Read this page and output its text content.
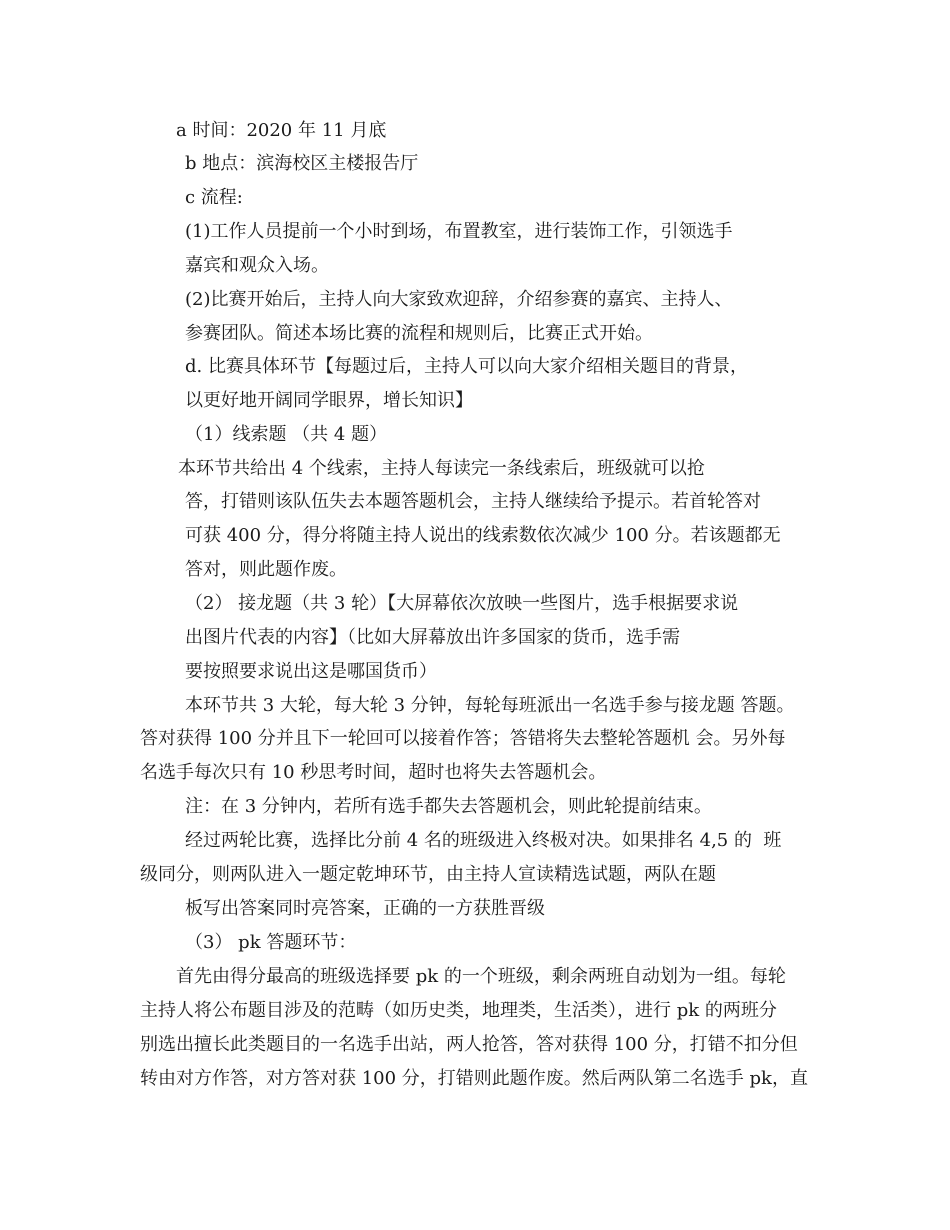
a 时间：2020 年 11 月底
b 地点：滨海校区主楼报告厅
c 流程:
(1)工作人员提前一个小时到场，布置教室，进行装饰工作，引领选手
嘉宾和观众入场。
(2)比赛开始后，主持人向大家致欢迎辞，介绍参赛的嘉宾、主持人、
参赛团队。简述本场比赛的流程和规则后，比赛正式开始。
d. 比赛具体环节【每题过后，主持人可以向大家介绍相关题目的背景，
以更好地开阔同学眼界，增长知识】
（1）线索题 （共 4 题）
本环节共给出 4 个线索，主持人每读完一条线索后，班级就可以抢
答，打错则该队伍失去本题答题机会，主持人继续给予提示。若首轮答对
可获 400 分，得分将随主持人说出的线索数依次减少 100 分。若该题都无
答对，则此题作废。
（2） 接龙题（共 3 轮）【大屏幕依次放映一些图片，选手根据要求说
出图片代表的内容】（比如大屏幕放出许多国家的货币，选手需
要按照要求说出这是哪国货币）
本环节共 3 大轮，每大轮 3 分钟，每轮每班派出一名选手参与接龙题 答题。
答对获得 100 分并且下一轮回可以接着作答；答错将失去整轮答题机 会。另外每
名选手每次只有 10 秒思考时间，超时也将失去答题机会。
注：在 3 分钟内，若所有选手都失去答题机会，则此轮提前结束。
经过两轮比赛，选择比分前 4 名的班级进入终极对决。如果排名 4,5 的  班
级同分，则两队进入一题定乾坤环节，由主持人宣读精选试题，两队在题
板写出答案同时亮答案，正确的一方获胜晋级
（3） pk 答题环节：
首先由得分最高的班级选择要 pk 的一个班级，剩余两班自动划为一组。每轮
主持人将公布题目涉及的范畴（如历史类，地理类，生活类），进行 pk 的两班分
别选出擅长此类题目的一名选手出站，两人抢答，答对获得 100 分，打错不扣分但
转由对方作答，对方答对获 100 分，打错则此题作废。然后两队第二名选手 pk，直
